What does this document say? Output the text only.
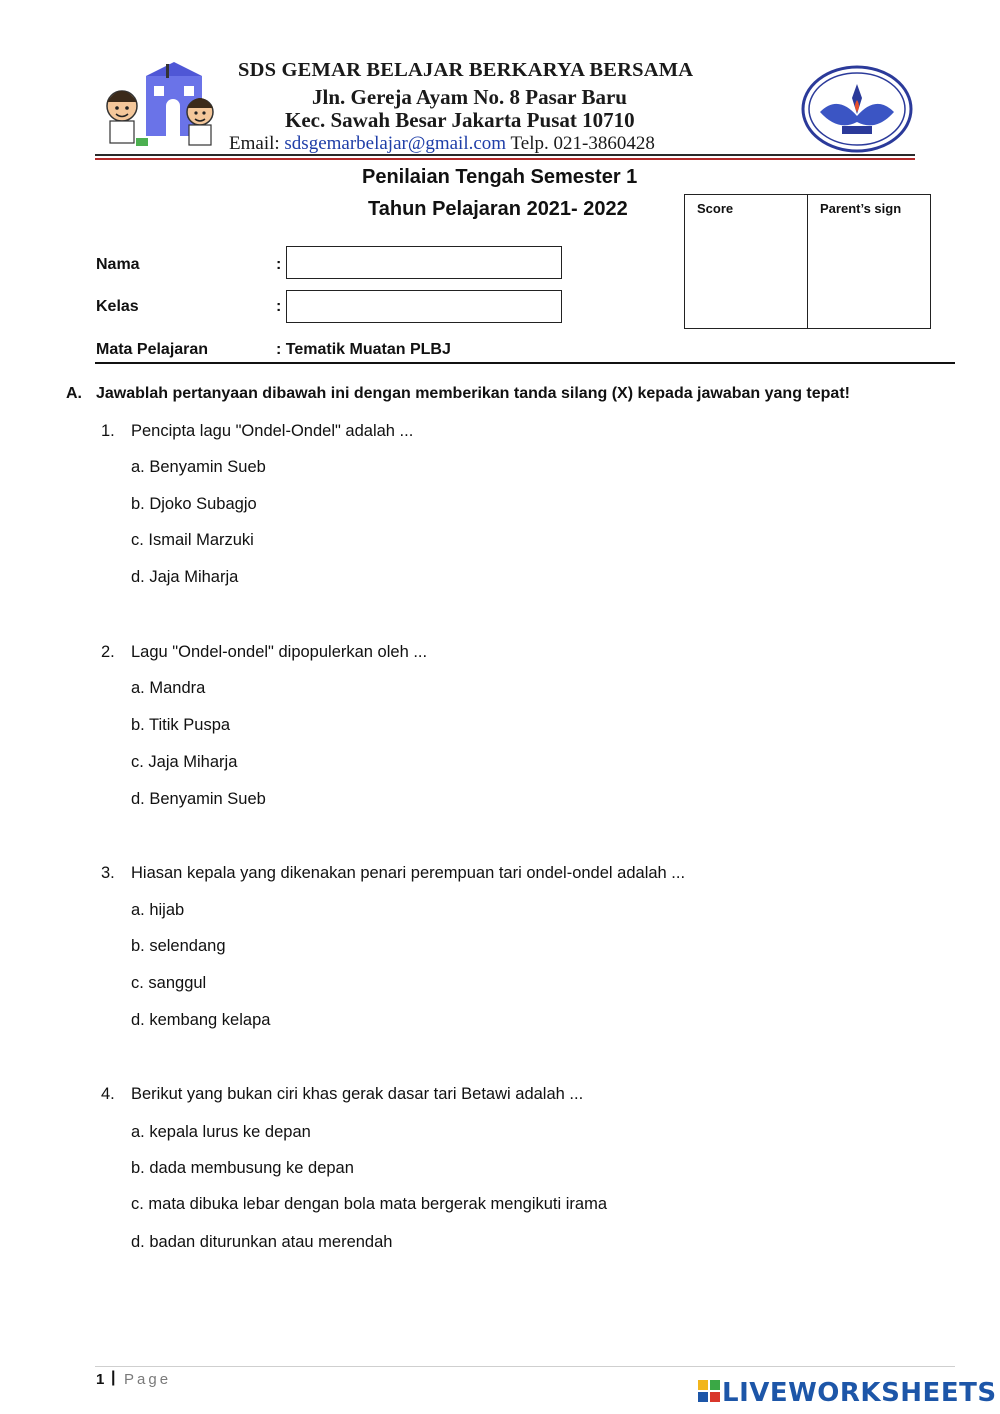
SDS GEMAR BELAJAR BERKARYA BERSAMA
Jln. Gereja Ayam No. 8 Pasar Baru
Kec. Sawah Besar Jakarta Pusat 10710
Email: sdsgemarbelajar@gmail.com Telp. 021-3860428
Penilaian Tengah Semester 1
Tahun Pelajaran 2021- 2022	Score	Parent’s sign
Nama	:
Kelas	:
Mata Pelajaran	: Tematik Muatan PLBJ
A. Jawablah pertanyaan dibawah ini dengan memberikan tanda silang (X) kepada jawaban yang tepat!
1. Pencipta lagu "Ondel-Ondel" adalah ...
a. Benyamin Sueb
b. Djoko Subagjo
c. Ismail Marzuki
d. Jaja Miharja
2. Lagu "Ondel-ondel" dipopulerkan oleh ...
a. Mandra
b. Titik Puspa
c. Jaja Miharja
d. Benyamin Sueb
3. Hiasan kepala yang dikenakan penari perempuan tari ondel-ondel adalah ...
a. hijab
b. selendang
c. sanggul
d. kembang kelapa
4. Berikut yang bukan ciri khas gerak dasar tari Betawi adalah ...
a. kepala lurus ke depan
b. dada membusung ke depan
c. mata dibuka lebar dengan bola mata bergerak mengikuti irama
d. badan diturunkan atau merendah
1 | Page	LIVEWORKSHEETS
